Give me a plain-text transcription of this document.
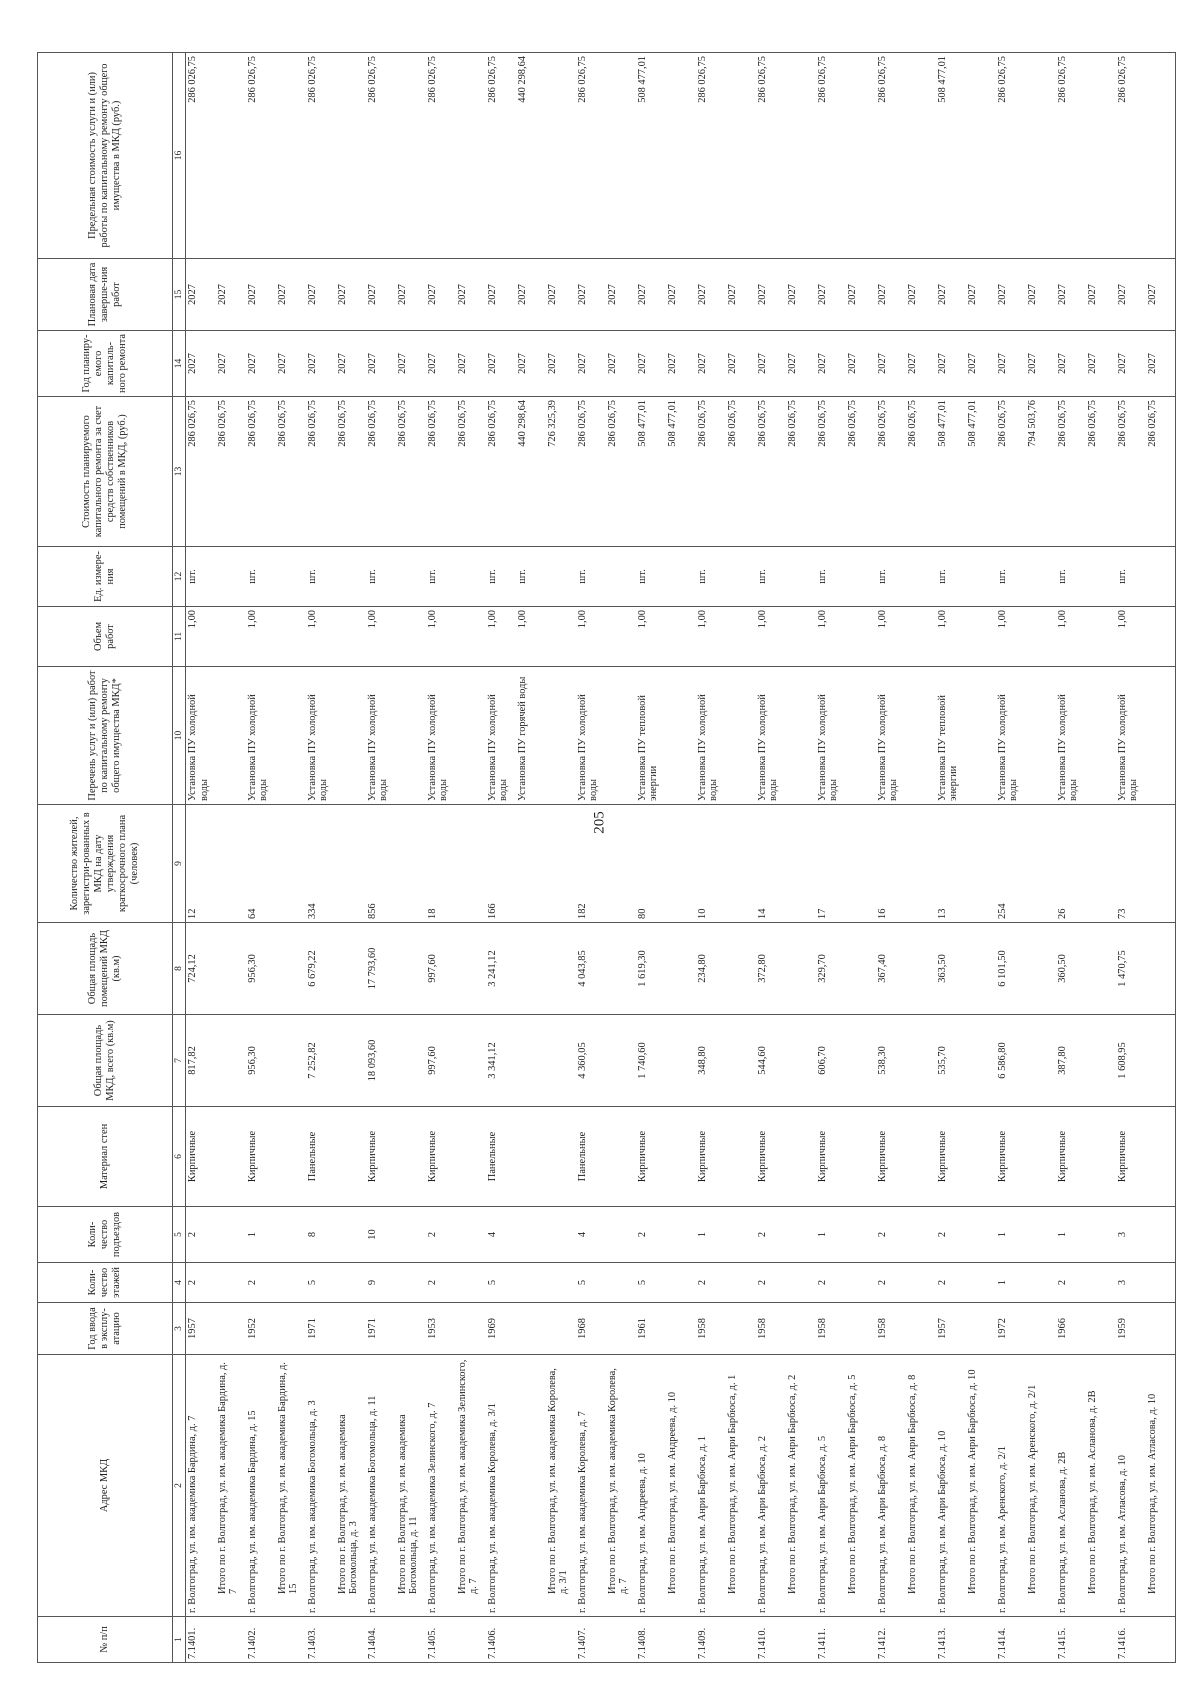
205
№ п/п	Адрес МКД	Год ввода в эксплу-атацию	Коли-чество этажей	Коли-чество подъездов	Материал стен	Общая площадь МКД, всего (кв.м)	Общая площадь помещений МКД (кв.м)	Количество жителей, зарегистри-рованных в МКД на дату утверждения краткосрочного плана (человек)	Перечень услуг и (или) работ по капитальному ремонту общего имущества МКД*	Объем работ	Ед. измере-ния	Стоимость планируемого капитального ремонта за счет средств собственников помещений в МКД, (руб.)	Год планиру-емого капиталь-ного ремонта	Плановая дата заверше-ния работ	Предельная стоимость услуги и (или) работы по капитальному ремонту общего имущества в МКД (руб.)
1	2	3	4	5	6	7	8	9	10	11	12	13	14	15	16
7.1401.	г. Волгоград, ул. им. академика Бардина, д. 7	1957	2	2	Кирпичные	817,82	724,12	12	Установка ПУ холодной воды	1,00	шт.	286 026,75	2027	2027	286 026,75

	Итого по г. Волгоград, ул. им. академика Бардина, д. 7											286 026,75	2027	2027	

7.1402.	г. Волгоград, ул. им. академика Бардина, д. 15	1952	2	1	Кирпичные	956,30	956,30	64	Установка ПУ холодной воды	1,00	шт.	286 026,75	2027	2027	286 026,75

	Итого по г. Волгоград, ул. им. академика Бардина, д. 15											286 026,75	2027	2027	

7.1403.	г. Волгоград, ул. им. академика Богомольца, д. 3	1971	5	8	Панельные	7 252,82	6 679,22	334	Установка ПУ холодной воды	1,00	шт.	286 026,75	2027	2027	286 026,75

	Итого по г. Волгоград, ул. им. академика Богомольца, д. 3											286 026,75	2027	2027	

7.1404.	г. Волгоград, ул. им. академика Богомольца, д. 11	1971	9	10	Кирпичные	18 093,60	17 793,60	856	Установка ПУ холодной воды	1,00	шт.	286 026,75	2027	2027	286 026,75

	Итого по г. Волгоград, ул. им. академика Богомольца, д. 11											286 026,75	2027	2027	

7.1405.	г. Волгоград, ул. им. академика Зелинского, д. 7	1953	2	2	Кирпичные	997,60	997,60	18	Установка ПУ холодной воды	1,00	шт.	286 026,75	2027	2027	286 026,75

	Итого по г. Волгоград, ул. им. академика Зелинского, д. 7											286 026,75	2027	2027	

7.1406.	г. Волгоград, ул. им. академика Королева, д. 3/1	1969	5	4	Панельные	3 341,12	3 241,12	166	Установка ПУ холодной воды	1,00	шт.	286 026,75	2027	2027	286 026,75

									Установка ПУ горячей воды	1,00	шт.	440 298,64	2027	2027	440 298,64

	Итого по г. Волгоград, ул. им. академика Королева, д. 3/1											726 325,39	2027	2027	

7.1407.	г. Волгоград, ул. им. академика Королева, д. 7	1968	5	4	Панельные	4 360,05	4 043,85	182	Установка ПУ холодной воды	1,00	шт.	286 026,75	2027	2027	286 026,75

	Итого по г. Волгоград, ул. им. академика Королева, д. 7											286 026,75	2027	2027	

7.1408.	г. Волгоград, ул. им. Андреева, д. 10	1961	5	2	Кирпичные	1 740,60	1 619,30	80	Установка ПУ тепловой энергии	1,00	шт.	508 477,01	2027	2027	508 477,01

	Итого по г. Волгоград, ул. им. Андреева, д. 10											508 477,01	2027	2027	

7.1409.	г. Волгоград, ул. им. Анри Барбюса, д. 1	1958	2	1	Кирпичные	348,80	234,80	10	Установка ПУ холодной воды	1,00	шт.	286 026,75	2027	2027	286 026,75

	Итого по г. Волгоград, ул. им. Анри Барбюса, д. 1											286 026,75	2027	2027	

7.1410.	г. Волгоград, ул. им. Анри Барбюса, д. 2	1958	2	2	Кирпичные	544,60	372,80	14	Установка ПУ холодной воды	1,00	шт.	286 026,75	2027	2027	286 026,75

	Итого по г. Волгоград, ул. им. Анри Барбюса, д. 2											286 026,75	2027	2027	

7.1411.	г. Волгоград, ул. им. Анри Барбюса, д. 5	1958	2	1	Кирпичные	606,70	329,70	17	Установка ПУ холодной воды	1,00	шт.	286 026,75	2027	2027	286 026,75

	Итого по г. Волгоград, ул. им. Анри Барбюса, д. 5											286 026,75	2027	2027	

7.1412.	г. Волгоград, ул. им. Анри Барбюса, д. 8	1958	2	2	Кирпичные	538,30	367,40	16	Установка ПУ холодной воды	1,00	шт.	286 026,75	2027	2027	286 026,75

	Итого по г. Волгоград, ул. им. Анри Барбюса, д. 8											286 026,75	2027	2027	

7.1413.	г. Волгоград, ул. им. Анри Барбюса, д. 10	1957	2	2	Кирпичные	535,70	363,50	13	Установка ПУ тепловой энергии	1,00	шт.	508 477,01	2027	2027	508 477,01

	Итого по г. Волгоград, ул. им. Анри Барбюса, д. 10											508 477,01	2027	2027	

7.1414.	г. Волгоград, ул. им. Аренского, д. 2/1	1972	1	1	Кирпичные	6 586,80	6 101,50	254	Установка ПУ холодной воды	1,00	шт.	286 026,75	2027	2027	286 026,75

	Итого по г. Волгоград, ул. им. Аренского, д. 2/1											794 503,76	2027	2027	

7.1415.	г. Волгоград, ул. им. Асланова, д. 2В	1966	2	1	Кирпичные	387,80	360,50	26	Установка ПУ холодной воды	1,00	шт.	286 026,75	2027	2027	286 026,75

	Итого по г. Волгоград, ул. им. Асланова, д. 2В											286 026,75	2027	2027	

7.1416.	г. Волгоград, ул. им. Атласова, д. 10	1959	3	3	Кирпичные	1 608,95	1 470,75	73	Установка ПУ холодной воды	1,00	шт.	286 026,75	2027	2027	286 026,75

	Итого по г. Волгоград, ул. им. Атласова, д. 10											286 026,75	2027	2027	
